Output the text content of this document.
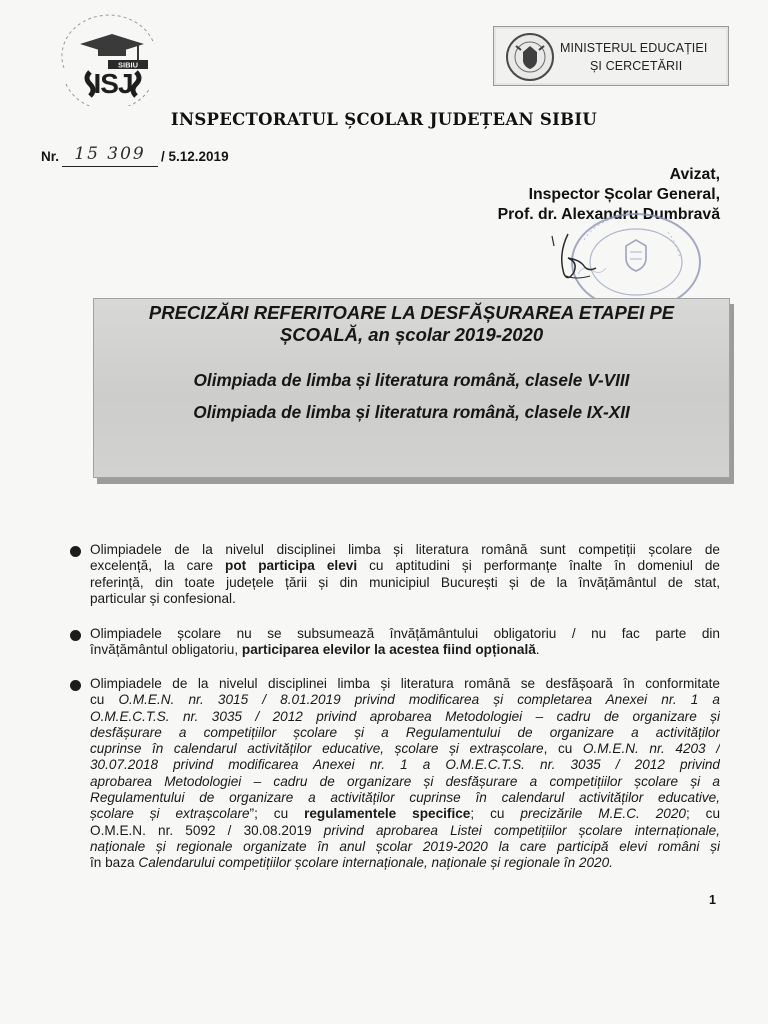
SIBIU
ISJ
MINISTERUL EDUCAȚIEI
ȘI CERCETĂRII
INSPECTORATUL ȘCOLAR JUDEȚEAN SIBIU
Nr. 15 309 / 5.12.2019
Avizat,
Inspector Școlar General,
Prof. dr. Alexandru Dumbravă
PRECIZĂRI REFERITOARE LA DESFĂȘURAREA ETAPEI PE
ȘCOALĂ, an școlar 2019-2020
Olimpiada de limba și literatura română, clasele V-VIII
Olimpiada de limba și literatura română, clasele IX-XII
Olimpiadele de la nivelul disciplinei limba și literatura română sunt competiții școlare de
excelență, la care pot participa elevi cu aptitudini și performanțe înalte în domeniul de
referință, din toate județele țării și din municipiul București și de la învățământul de stat,
particular și confesional.
Olimpiadele școlare nu se subsumează învățământului obligatoriu / nu fac parte din
învățământul obligatoriu, participarea elevilor la acestea fiind opțională.
Olimpiadele de la nivelul disciplinei limba și literatura română se desfășoară în conformitate
cu O.M.E.N. nr. 3015 / 8.01.2019 privind modificarea și completarea Anexei nr. 1 a
O.M.E.C.T.S. nr. 3035 / 2012 privind aprobarea Metodologiei – cadru de organizare și
desfășurare a competițiilor școlare și a Regulamentului de organizare a activităților
cuprinse în calendarul activităților educative, școlare și extrașcolare, cu O.M.E.N. nr. 4203 /
30.07.2018 privind modificarea Anexei nr. 1 a O.M.E.C.T.S. nr. 3035 / 2012 privind
aprobarea Metodologiei – cadru de organizare și desfășurare a competițiilor școlare și a
Regulamentului de organizare a activităților cuprinse în calendarul activităților educative,
școlare și extrașcolare”; cu regulamentele specifice; cu precizările M.E.C. 2020; cu
O.M.E.N. nr. 5092 / 30.08.2019 privind aprobarea Listei competițiilor școlare internaționale,
naționale și regionale organizate în anul școlar 2019-2020 la care participă elevi români și
în baza Calendarului competițiilor școlare internaționale, naționale și regionale în 2020.
1
